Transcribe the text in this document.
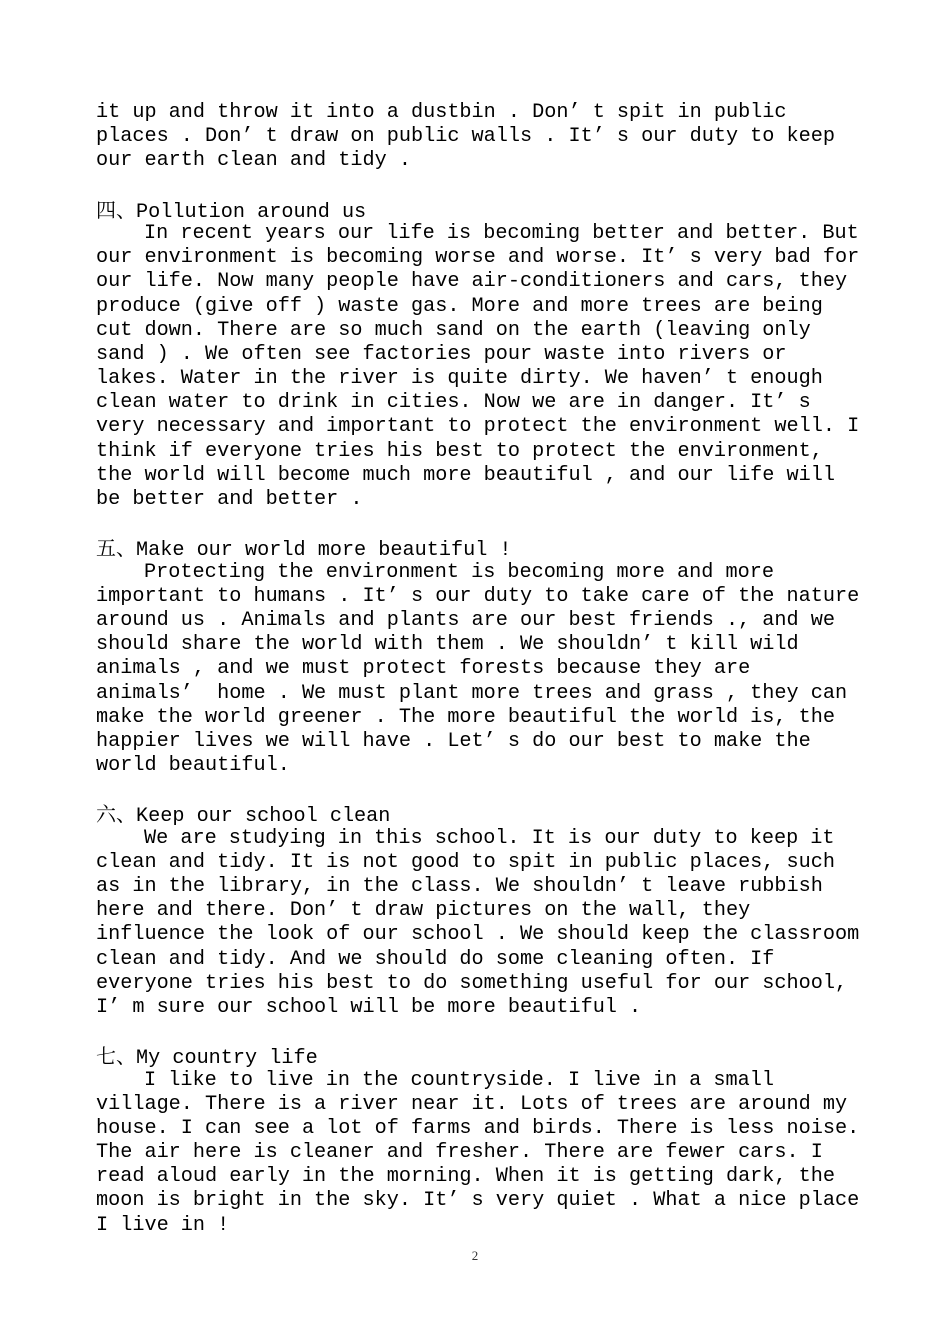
it up and throw it into a dustbin . Don’ t spit in public
places . Don’ t draw on public walls . It’ s our duty to keep
our earth clean and tidy .
四、Pollution around us
In recent years our life is becoming better and better. But
our environment is becoming worse and worse. It’ s very bad for
our life. Now many people have air-conditioners and cars, they
produce (give off ) waste gas. More and more trees are being
cut down. There are so much sand on the earth (leaving only
sand ) . We often see factories pour waste into rivers or
lakes. Water in the river is quite dirty. We haven’ t enough
clean water to drink in cities. Now we are in danger. It’ s
very necessary and important to protect the environment well. I
think if everyone tries his best to protect the environment,
the world will become much more beautiful , and our life will
be better and better .
五、Make our world more beautiful !
Protecting the environment is becoming more and more
important to humans . It’ s our duty to take care of the nature
around us . Animals and plants are our best friends ., and we
should share the world with them . We shouldn’ t kill wild
animals , and we must protect forests because they are
animals’  home . We must plant more trees and grass , they can
make the world greener . The more beautiful the world is, the
happier lives we will have . Let’ s do our best to make the
world beautiful.
六、Keep our school clean
We are studying in this school. It is our duty to keep it
clean and tidy. It is not good to spit in public places, such
as in the library, in the class. We shouldn’ t leave rubbish
here and there. Don’ t draw pictures on the wall, they
influence the look of our school . We should keep the classroom
clean and tidy. And we should do some cleaning often. If
everyone tries his best to do something useful for our school,
I’ m sure our school will be more beautiful .
七、My country life
I like to live in the countryside. I live in a small
village. There is a river near it. Lots of trees are around my
house. I can see a lot of farms and birds. There is less noise.
The air here is cleaner and fresher. There are fewer cars. I
read aloud early in the morning. When it is getting dark, the
moon is bright in the sky. It’ s very quiet . What a nice place
I live in !
2
